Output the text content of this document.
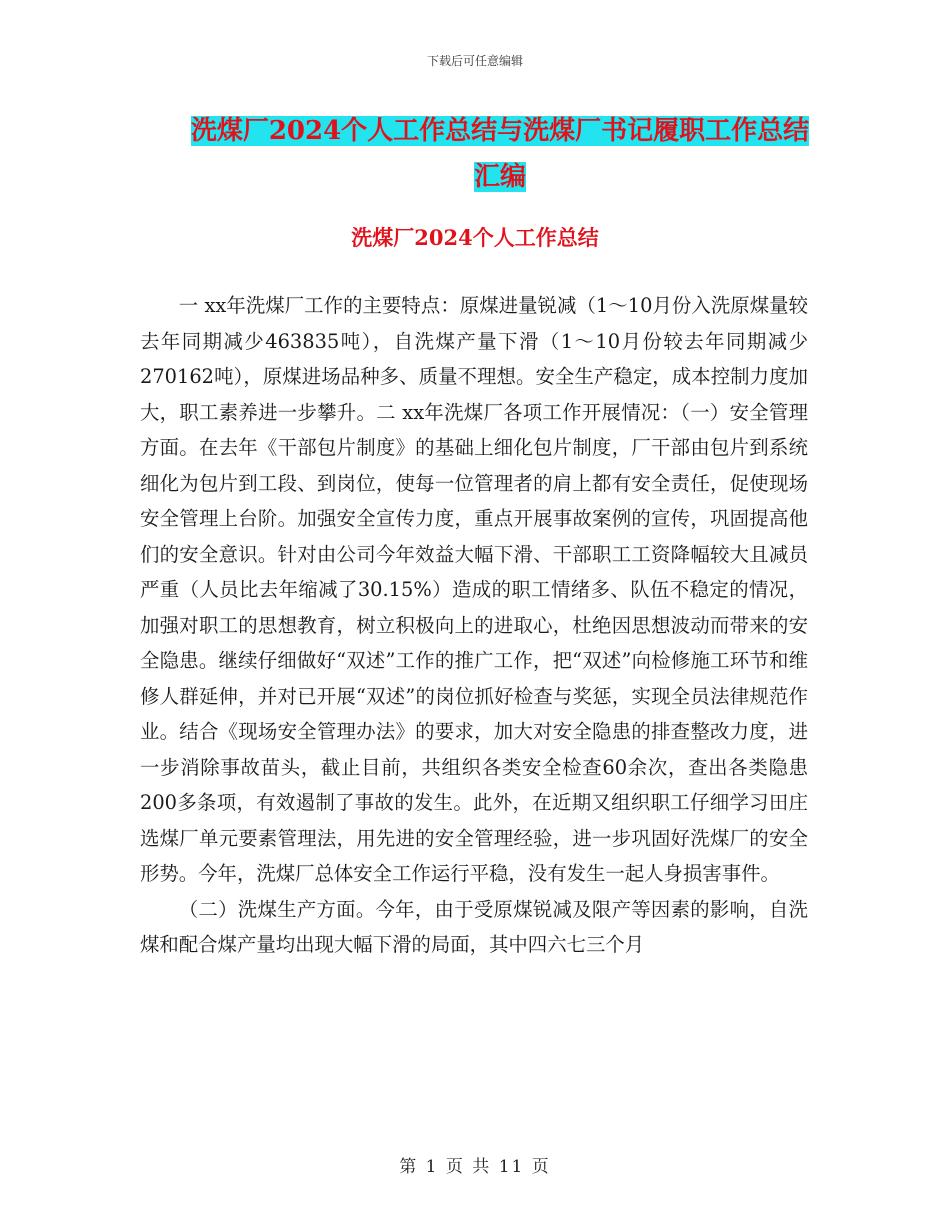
下载后可任意编辑
洗煤厂2024个人工作总结与洗煤厂书记履职工作总结
汇编
洗煤厂2024个人工作总结

一 xx年洗煤厂工作的主要特点：原煤进量锐减（1～10月份入洗原煤量较去年同期减少463835吨），自洗煤产量下滑（1～10月份较去年同期减少270162吨），原煤进场品种多、质量不理想。安全生产稳定，成本控制力度加大，职工素养进一步攀升。二 xx年洗煤厂各项工作开展情况：（一）安全管理方面。在去年《干部包片制度》的基础上细化包片制度，厂干部由包片到系统细化为包片到工段、到岗位，使每一位管理者的肩上都有安全责任，促使现场安全管理上台阶。加强安全宣传力度，重点开展事故案例的宣传，巩固提高他们的安全意识。针对由公司今年效益大幅下滑、干部职工工资降幅较大且减员严重（人员比去年缩减了30.15%）造成的职工情绪多、队伍不稳定的情况，加强对职工的思想教育，树立积极向上的进取心，杜绝因思想波动而带来的安全隐患。继续仔细做好“双述”工作的推广工作，把“双述”向检修施工环节和维修人群延伸，并对已开展“双述”的岗位抓好检查与奖惩，实现全员法律规范作业。结合《现场安全管理办法》的要求，加大对安全隐患的排查整改力度，进一步消除事故苗头，截止目前，共组织各类安全检查60余次，查出各类隐患200多条项，有效遏制了事故的发生。此外，在近期又组织职工仔细学习田庄选煤厂单元要素管理法，用先进的安全管理经验，进一步巩固好洗煤厂的安全形势。今年，洗煤厂总体安全工作运行平稳，没有发生一起人身损害事件。

（二）洗煤生产方面。今年，由于受原煤锐减及限产等因素的影响，自洗煤和配合煤产量均出现大幅下滑的局面，其中四六七三个月

第 1 页 共 11 页
